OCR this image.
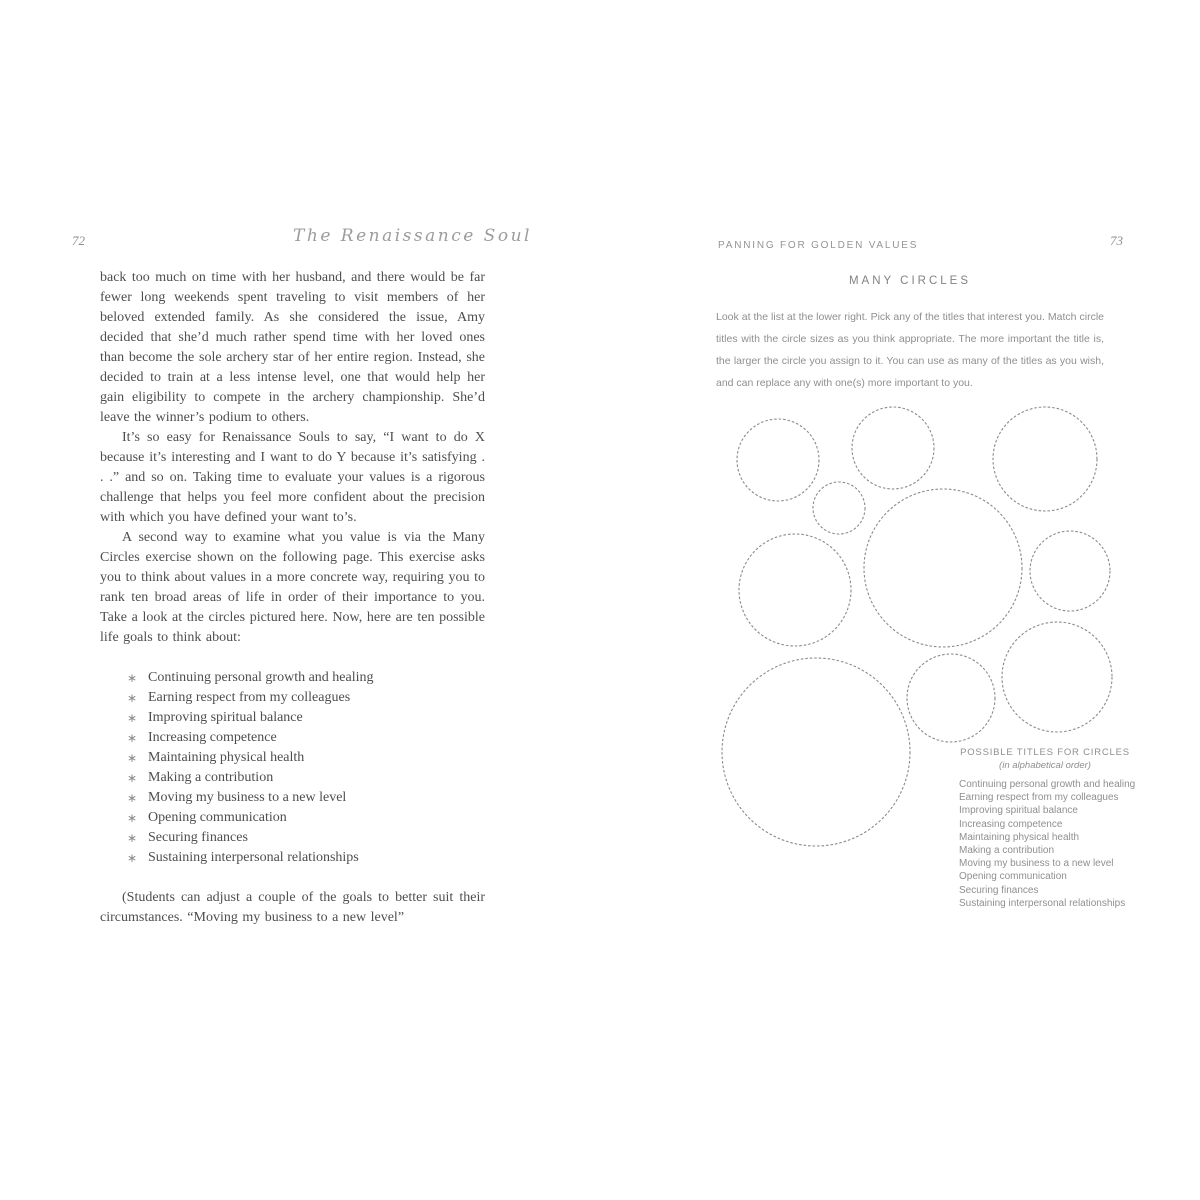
72	The Renaissance Soul

back too much on time with her husband, and there would be far fewer long weekends spent traveling to visit members of her beloved extended family. As she considered the issue, Amy decided that she’d much rather spend time with her loved ones than become the sole archery star of her entire region. Instead, she decided to train at a less intense level, one that would help her gain eligibility to compete in the archery championship. She’d leave the winner’s podium to others.

It’s so easy for Renaissance Souls to say, “I want to do X because it’s interesting and I want to do Y because it’s satisfying . . .” and so on. Taking time to evaluate your values is a rigorous challenge that helps you feel more confident about the precision with which you have defined your want to’s.

A second way to examine what you value is via the Many Circles exercise shown on the following page. This exercise asks you to think about values in a more concrete way, requiring you to rank ten broad areas of life in order of their importance to you. Take a look at the circles pictured here. Now, here are ten possible life goals to think about:

∗ Continuing personal growth and healing
∗ Earning respect from my colleagues
∗ Improving spiritual balance
∗ Increasing competence
∗ Maintaining physical health
∗ Making a contribution
∗ Moving my business to a new level
∗ Opening communication
∗ Securing finances
∗ Sustaining interpersonal relationships

(Students can adjust a couple of the goals to better suit their circumstances. “Moving my business to a new level”

PANNING FOR GOLDEN VALUES	73
MANY CIRCLES

Look at the list at the lower right. Pick any of the titles that interest you. Match circle titles with the circle sizes as you think appropriate. The more important the title is, the larger the circle you assign to it. You can use as many of the titles as you wish, and can replace any with one(s) more important to you.

POSSIBLE TITLES FOR CIRCLES
(in alphabetical order)
Continuing personal growth and healing
Earning respect from my colleagues
Improving spiritual balance
Increasing competence
Maintaining physical health
Making a contribution
Moving my business to a new level
Opening communication
Securing finances
Sustaining interpersonal relationships
